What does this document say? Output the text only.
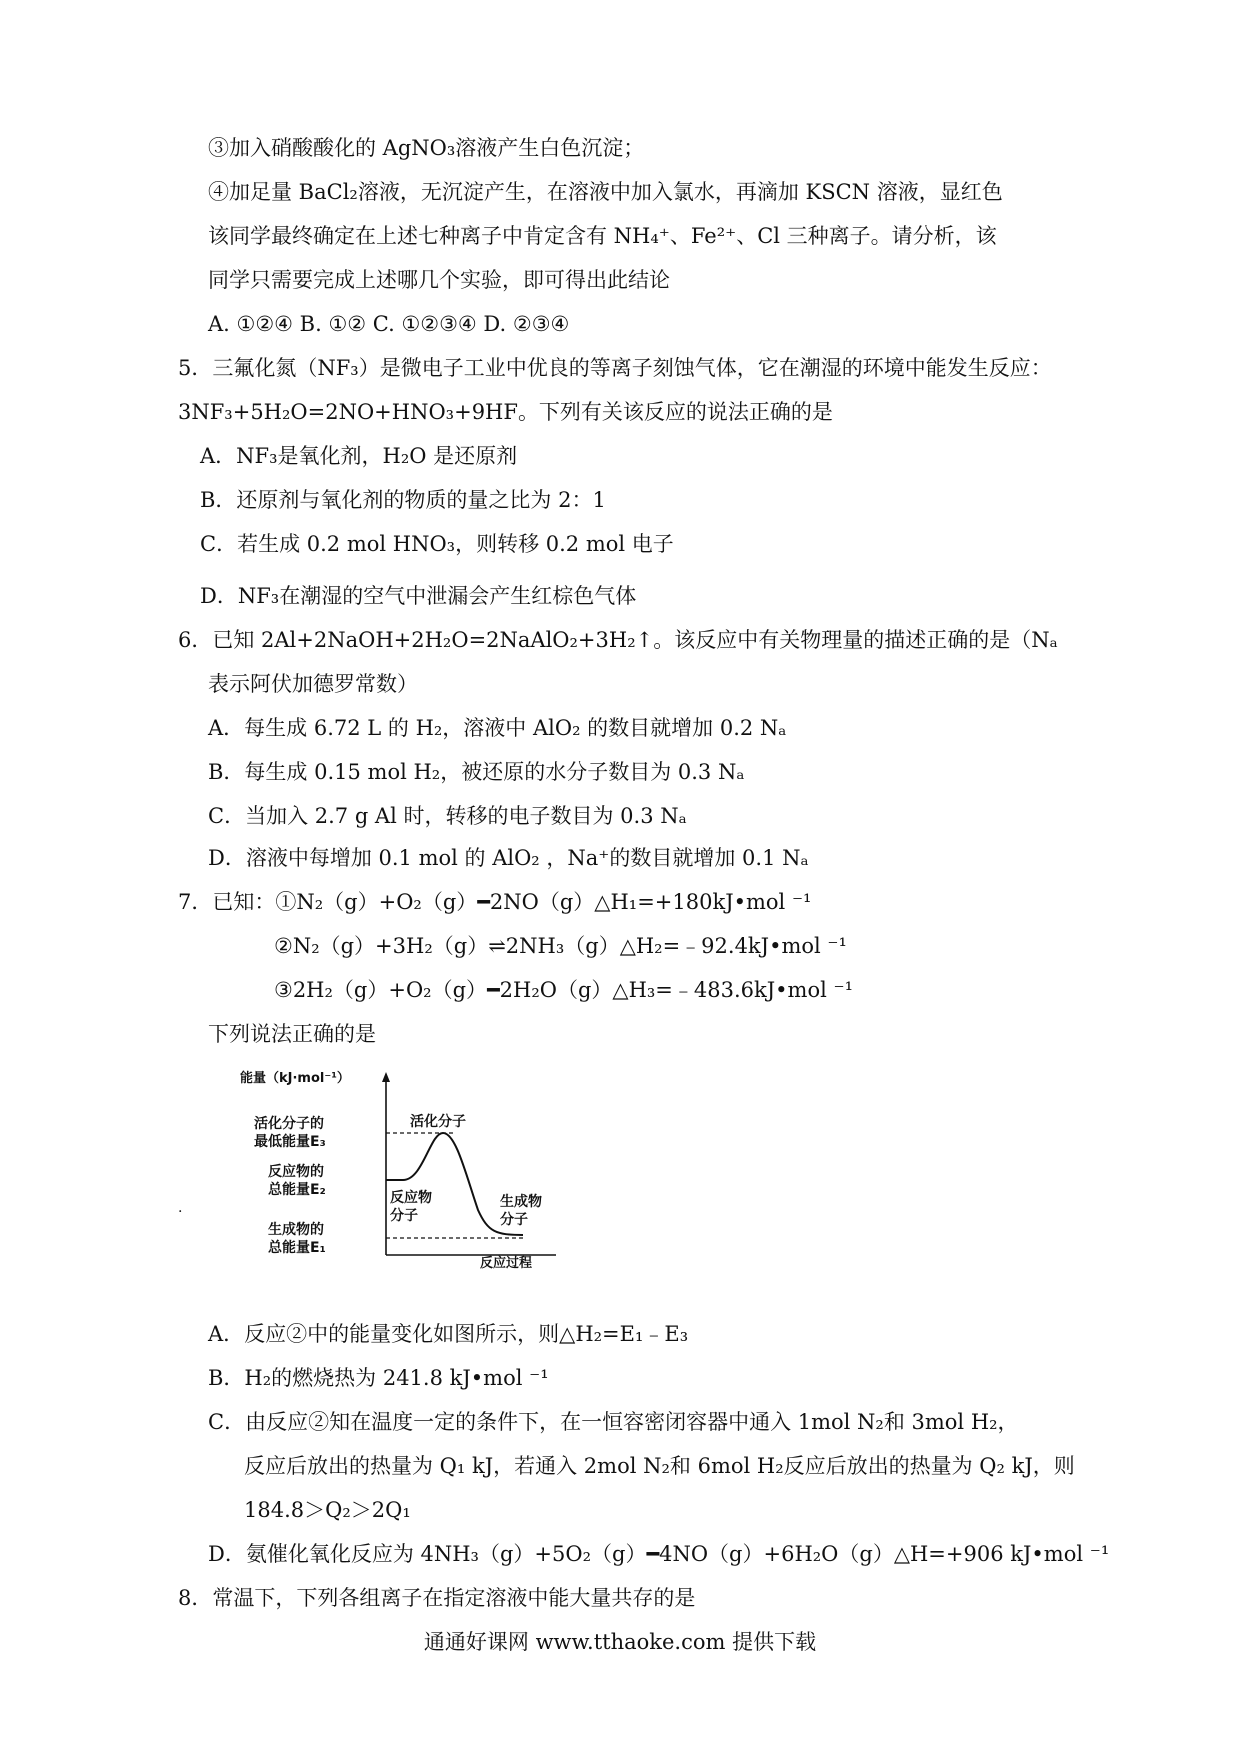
③加入硝酸酸化的 AgNO₃溶液产生白色沉淀；
④加足量 BaCl₂溶液，无沉淀产生，在溶液中加入氯水，再滴加 KSCN 溶液，显红色
该同学最终确定在上述七种离子中肯定含有 NH₄⁺、Fe²⁺、Cl 三种离子。请分析，该
同学只需要完成上述哪几个实验，即可得出此结论
A. ①②④ B. ①② C. ①②③④ D. ②③④
5．三氟化氮（NF₃）是微电子工业中优良的等离子刻蚀气体，它在潮湿的环境中能发生反应：
3NF₃+5H₂O=2NO+HNO₃+9HF。下列有关该反应的说法正确的是
A．NF₃是氧化剂，H₂O 是还原剂
B．还原剂与氧化剂的物质的量之比为 2：1
C．若生成 0.2 mol HNO₃，则转移 0.2 mol 电子
D．NF₃在潮湿的空气中泄漏会产生红棕色气体
6．已知 2Al+2NaOH+2H₂O=2NaAlO₂+3H₂↑。该反应中有关物理量的描述正确的是（Nₐ
表示阿伏加德罗常数）
A．每生成 6.72 L 的 H₂，溶液中 AlO₂ 的数目就增加 0.2 Nₐ
B．每生成 0.15 mol H₂，被还原的水分子数目为 0.3 Nₐ
C．当加入 2.7 g Al 时，转移的电子数目为 0.3 Nₐ
D．溶液中每增加 0.1 mol 的 AlO₂ ，Na⁺的数目就增加 0.1 Nₐ
7．已知：①N₂（g）+O₂（g）━2NO（g）△H₁=+180kJ•mol ⁻¹
②N₂（g）+3H₂（g）⇌2NH₃（g）△H₂=﹣92.4kJ•mol ⁻¹
③2H₂（g）+O₂（g）━2H₂O（g）△H₃=﹣483.6kJ•mol ⁻¹
下列说法正确的是
A．反应②中的能量变化如图所示，则△H₂=E₁﹣E₃
B．H₂的燃烧热为 241.8 kJ•mol ⁻¹
C．由反应②知在温度一定的条件下，在一恒容密闭容器中通入 1mol N₂和 3mol H₂，
反应后放出的热量为 Q₁ kJ，若通入 2mol N₂和 6mol H₂反应后放出的热量为 Q₂ kJ，则
184.8＞Q₂＞2Q₁
D．氨催化氧化反应为 4NH₃（g）+5O₂（g）━4NO（g）+6H₂O（g）△H=+906 kJ•mol ⁻¹
8．常温下，下列各组离子在指定溶液中能大量共存的是
.
能量（kJ·mol⁻¹）
活化分子的
最低能量E₃
反应物的
总能量E₂
生成物的
总能量E₁
活化分子
反应物
分子
生成物
分子
反应过程
通通好课网 www.tthaoke.com 提供下载
